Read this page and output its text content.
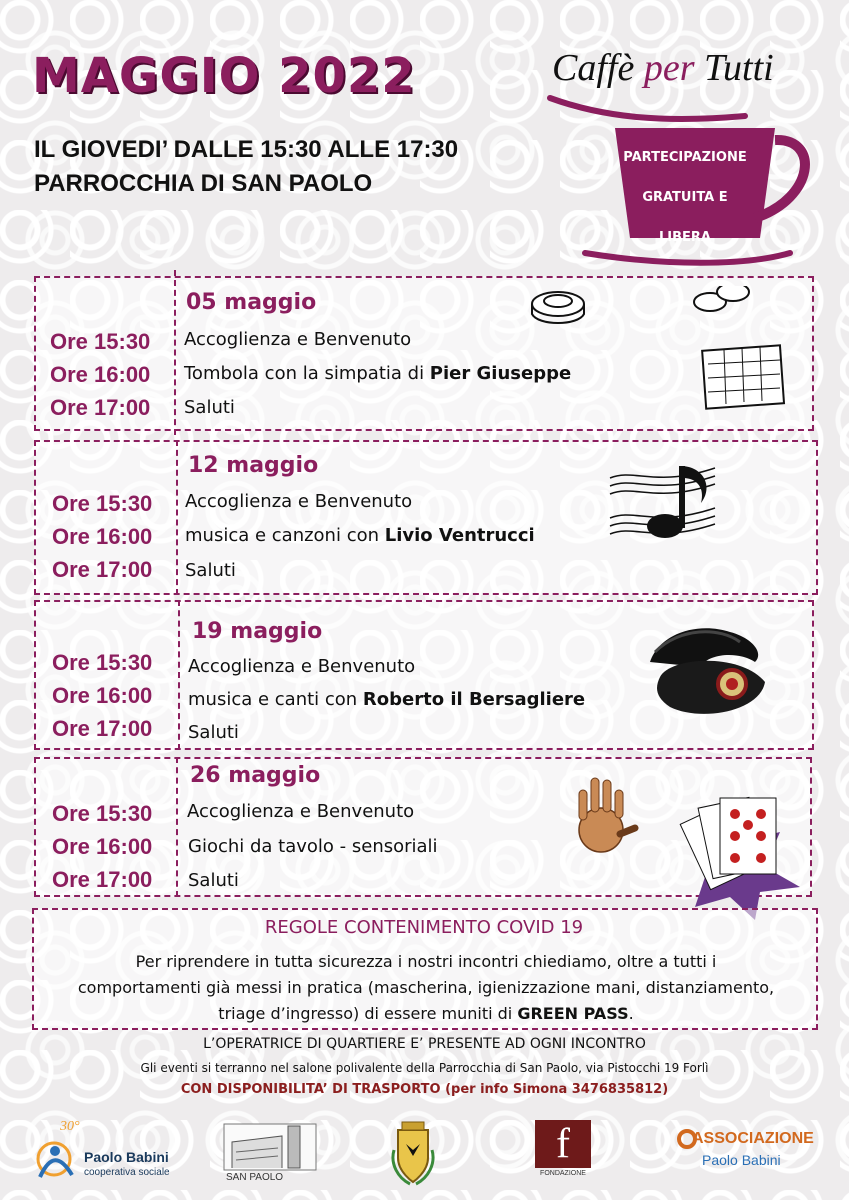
MAGGIO 2022
IL GIOVEDI’ DALLE 15:30 ALLE 17:30
PARROCCHIA DI SAN PAOLO
Caffè per Tutti
PARTECIPAZIONE
GRATUITA E
LIBERA
05 maggio
Ore 15:30
Ore 16:00
Ore 17:00
Accoglienza e Benvenuto
Tombola con la simpatia di Pier Giuseppe
Saluti
12 maggio
Ore 15:30
Ore 16:00
Ore 17:00
Accoglienza e Benvenuto
musica e canzoni con Livio Ventrucci
Saluti
19 maggio
Ore 15:30
Ore 16:00
Ore 17:00
Accoglienza e Benvenuto
musica e canti con Roberto il Bersagliere
Saluti
26 maggio
Ore 15:30
Ore 16:00
Ore 17:00
Accoglienza e Benvenuto
Giochi da tavolo - sensoriali
Saluti
REGOLE CONTENIMENTO COVID 19
Per riprendere in tutta sicurezza i nostri incontri chiediamo, oltre a tutti i
comportamenti già messi in pratica (mascherina, igienizzazione mani, distanziamento,
triage d’ingresso) di essere muniti di GREEN PASS.
L’OPERATRICE DI QUARTIERE E’ PRESENTE AD OGNI INCONTRO
Gli eventi si terranno nel salone polivalente della Parrocchia di San Paolo, via Pistocchi 19 Forlì
CON DISPONIBILITA’ DI TRASPORTO (per info Simona 3476835812)
30°
Paolo Babini
cooperativa sociale	SAN PAOLO
f
FONDAZIONE
ASSOCIAZIONE
Paolo Babini
